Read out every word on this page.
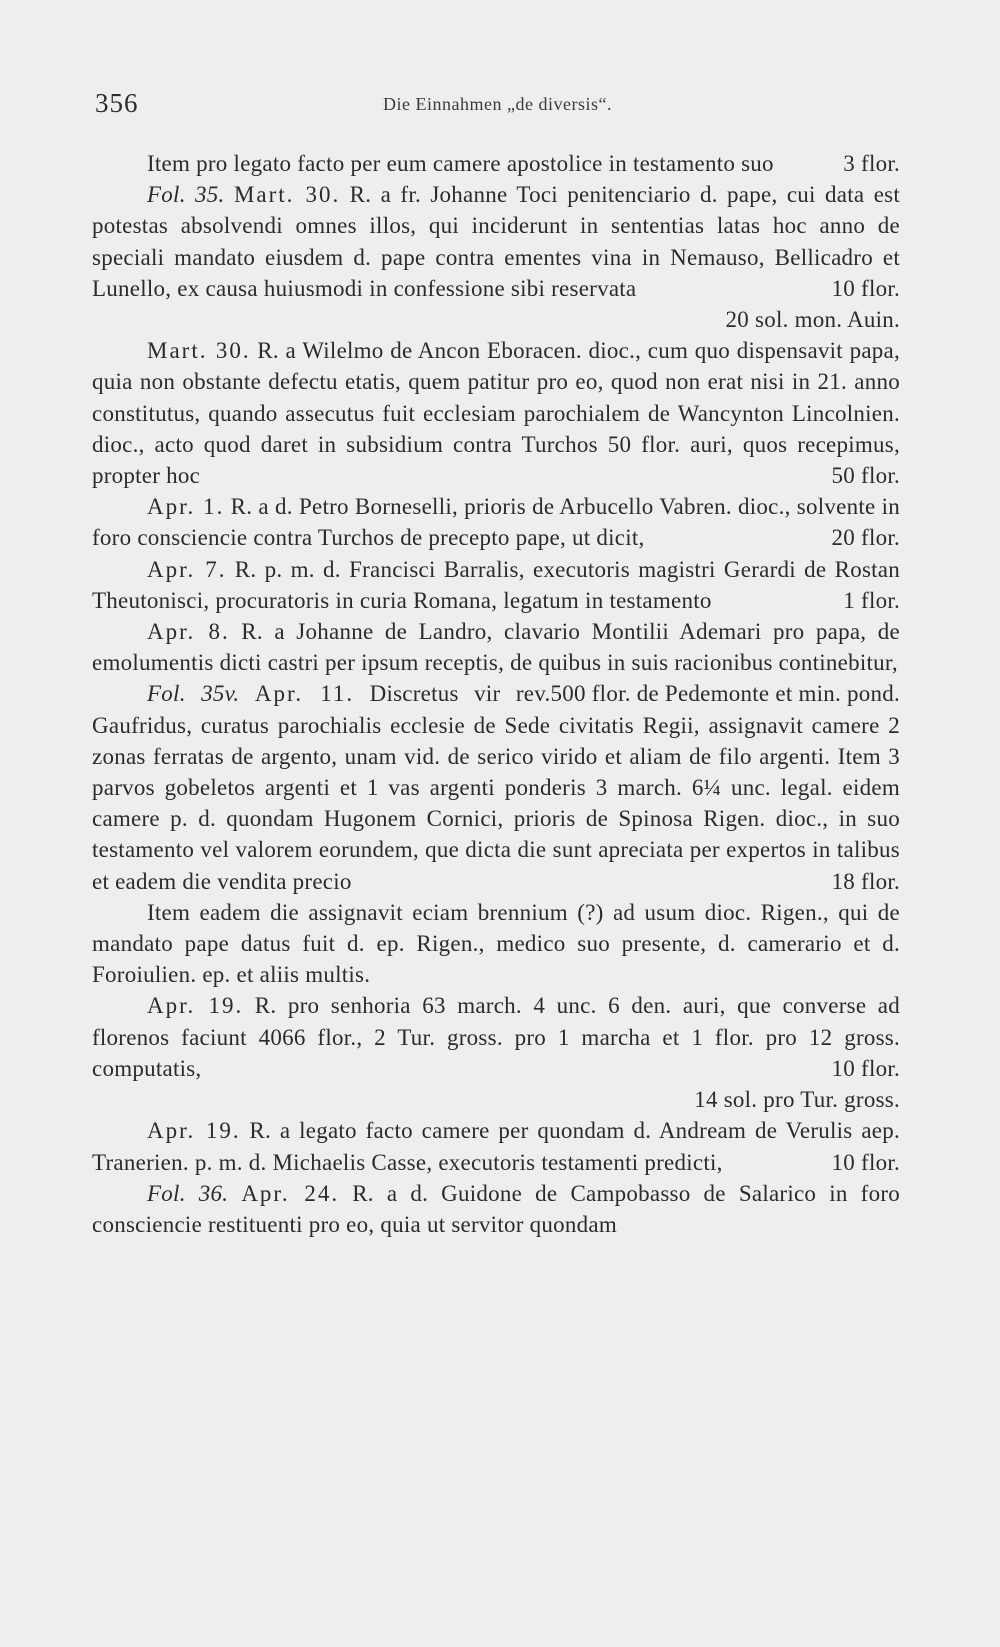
356	Die Einnahmen „de diversis“.

Item pro legato facto per eum camere apostolice in testamento suo	3 flor.

Fol. 35. Mart. 30. R. a fr. Johanne Toci penitenciario d. pape, cui data est potestas absolvendi omnes illos, qui inciderunt in sententias latas hoc anno de speciali mandato eiusdem d. pape contra ementes vina in Nemauso, Bellicadro et Lunello, ex causa huiusmodi in confessione sibi reservata	10 flor.

20 sol. mon. Auin.

Mart. 30. R. a Wilelmo de Ancon Eboracen. dioc., cum quo dispensavit papa, quia non obstante defectu etatis, quem patitur pro eo, quod non erat nisi in 21. anno constitutus, quando assecutus fuit ecclesiam parochialem de Wancynton Lincolnien. dioc., acto quod daret in subsidium contra Turchos 50 flor. auri, quos recepimus, propter hoc	50 flor.

Apr. 1. R. a d. Petro Borneselli, prioris de Arbucello Vabren. dioc., solvente in foro consciencie contra Turchos de precepto pape, ut dicit,	20 flor.

Apr. 7. R. p. m. d. Francisci Barralis, executoris magistri Gerardi de Rostan Theutonisci, procuratoris in curia Romana, legatum in testamento	1 flor.

Apr. 8. R. a Johanne de Landro, clavario Montilii Ademari pro papa, de emolumentis dicti castri per ipsum receptis, de quibus in suis racionibus continebitur,
500 flor. de Pedemonte et min. pond.

Fol. 35v. Apr. 11. Discretus vir rev. Gaufridus, curatus parochialis ecclesie de Sede civitatis Regii, assignavit camere 2 zonas ferratas de argento, unam vid. de serico virido et aliam de filo argenti. Item 3 parvos gobeletos argenti et 1 vas argenti ponderis 3 march. 6¼ unc. legal. eidem camere p. d. quondam Hugonem Cornici, prioris de Spinosa Rigen. dioc., in suo testamento vel valorem eorundem, que dicta die sunt apreciata per expertos in talibus et eadem die vendita precio	18 flor.

Item eadem die assignavit eciam brennium (?) ad usum dioc. Rigen., qui de mandato pape datus fuit d. ep. Rigen., medico suo presente, d. camerario et d. Foroiulien. ep. et aliis multis.

Apr. 19. R. pro senhoria 63 march. 4 unc. 6 den. auri, que converse ad florenos faciunt 4066 flor., 2 Tur. gross. pro 1 marcha et 1 flor. pro 12 gross. computatis,	10 flor.

14 sol. pro Tur. gross.

Apr. 19. R. a legato facto camere per quondam d. Andream de Verulis aep. Tranerien. p. m. d. Michaelis Casse, executoris testamenti predicti,	10 flor.

Fol. 36. Apr. 24. R. a d. Guidone de Campobasso de Salarico in foro consciencie restituenti pro eo, quia ut servitor quondam
